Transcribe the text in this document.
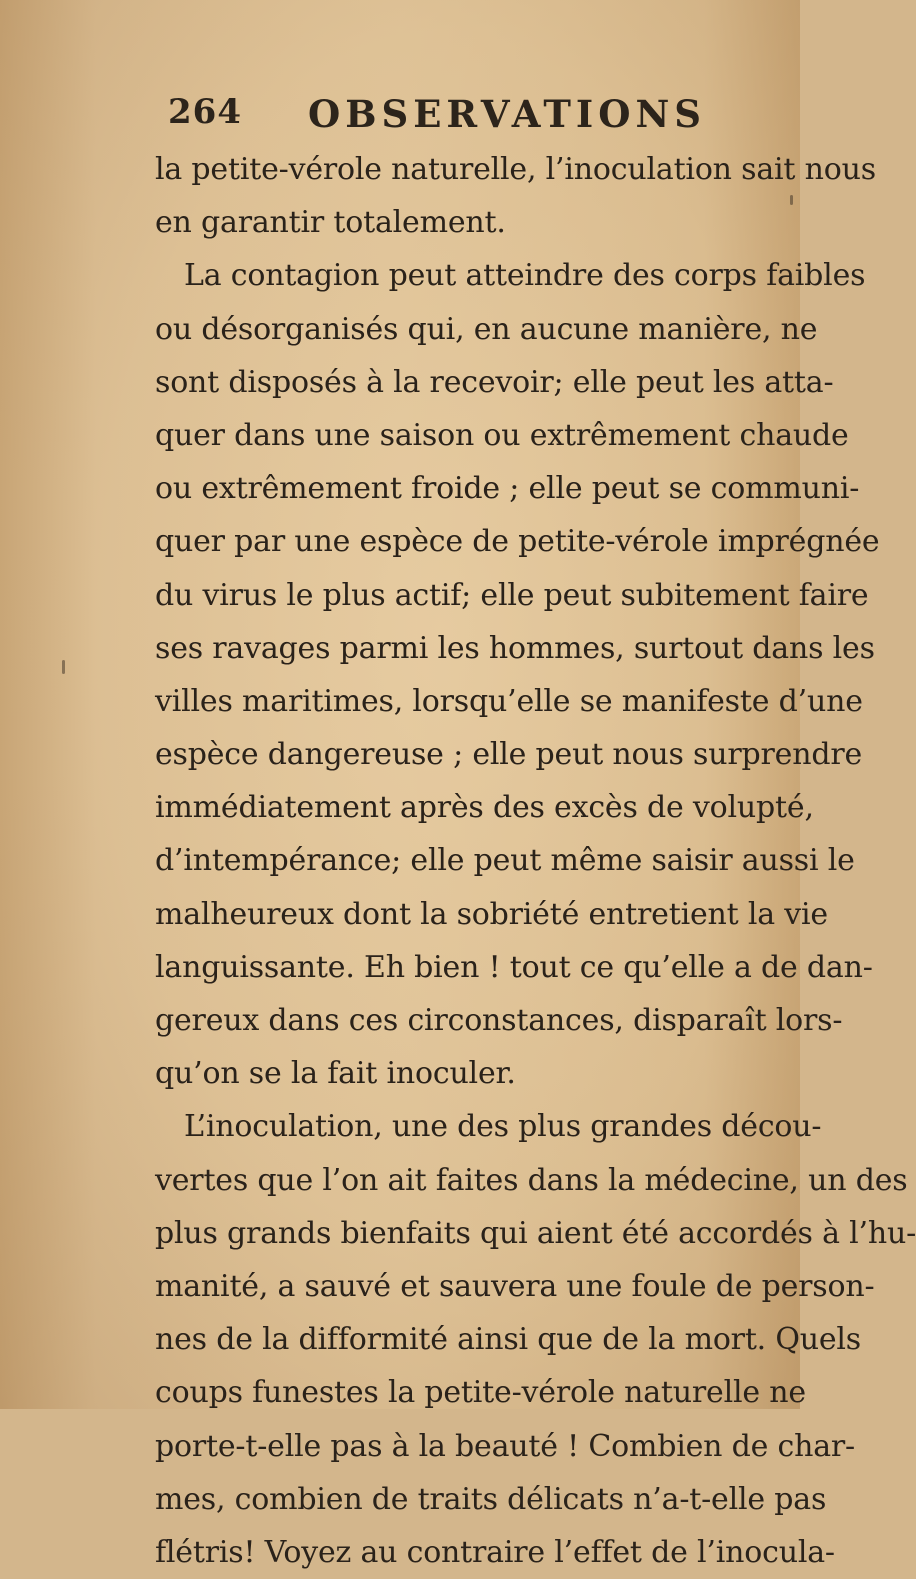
264 OBSERVATIONS
la petite-vérole naturelle, l’inoculation sait nous
en garantir totalement.
La contagion peut atteindre des corps faibles
ou désorganisés qui, en aucune manière, ne
sont disposés à la recevoir; elle peut les atta-
quer dans une saison ou extrêmement chaude
ou extrêmement froide ; elle peut se communi-
quer par une espèce de petite-vérole imprégnée
du virus le plus actif; elle peut subitement faire
ses ravages parmi les hommes, surtout dans les
villes maritimes, lorsqu’elle se manifeste d’une
espèce dangereuse ; elle peut nous surprendre
immédiatement après des excès de volupté,
d’intempérance; elle peut même saisir aussi le
malheureux dont la sobriété entretient la vie
languissante. Eh bien ! tout ce qu’elle a de dan-
gereux dans ces circonstances, disparaît lors-
qu’on se la fait inoculer.
L’inoculation, une des plus grandes décou-
vertes que l’on ait faites dans la médecine, un des
plus grands bienfaits qui aient été accordés à l’hu-
manité, a sauvé et sauvera une foule de person-
nes de la difformité ainsi que de la mort. Quels
coups funestes la petite-vérole naturelle ne
porte-t-elle pas à la beauté ! Combien de char-
mes, combien de traits délicats n’a-t-elle pas
flétris! Voyez au contraire l’effet de l’inocula-
